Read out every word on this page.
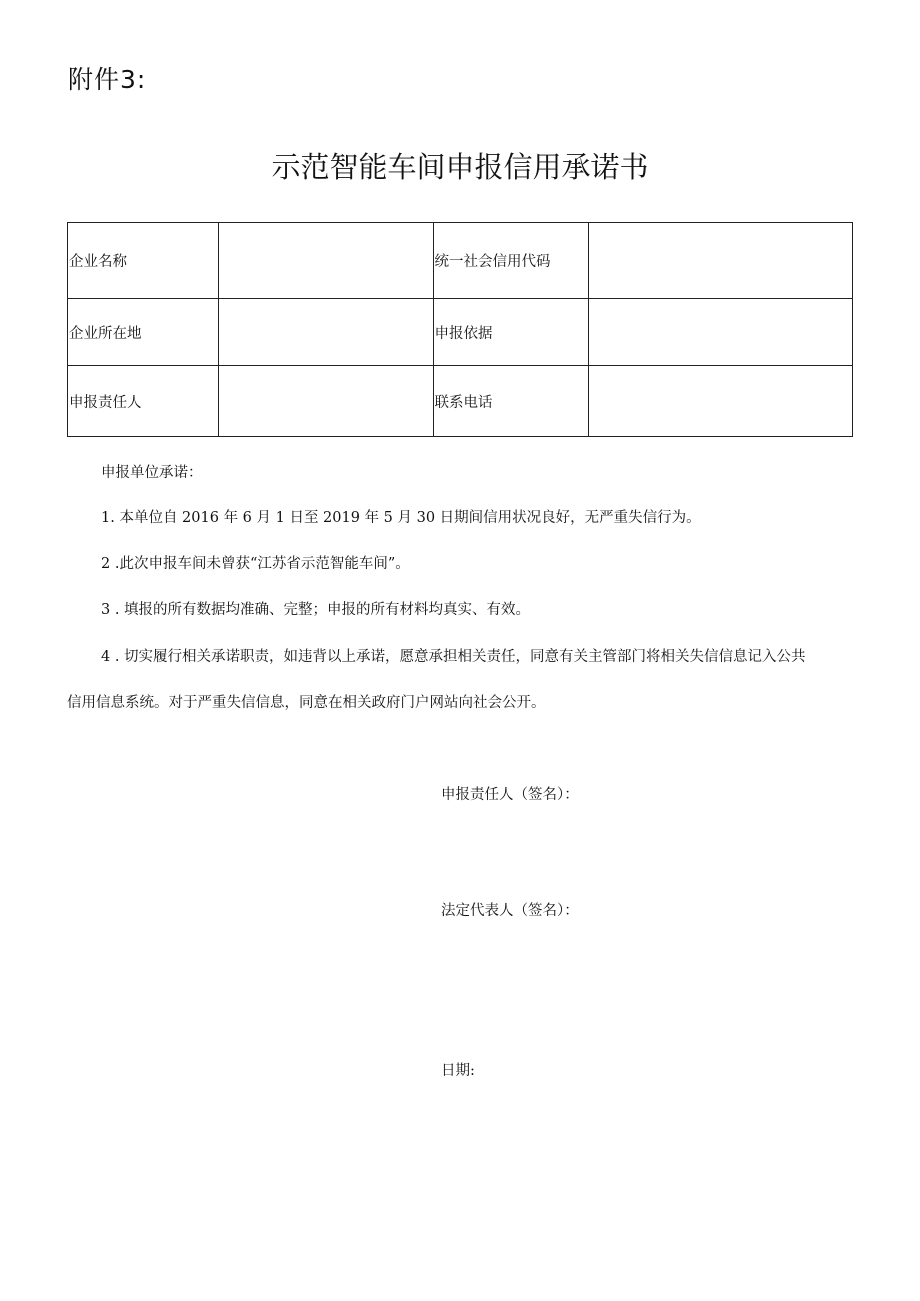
附件3:
示范智能车间申报信用承诺书
企业名称		统一社会信用代码	
企业所在地		申报依据	
申报责任人		联系电话	
申报单位承诺：
1. 本单位自 2016 年 6 月 1 日至 2019 年 5 月 30 日期间信用状况良好，无严重失信行为。
2 .此次申报车间未曾获“江苏省示范智能车间”。
3 . 填报的所有数据均准确、完整；申报的所有材料均真实、有效。
4 . 切实履行相关承诺职责，如违背以上承诺，愿意承担相关责任，同意有关主管部门将相关失信信息记入公共
信用信息系统。对于严重失信信息，同意在相关政府门户网站向社会公开。
申报责任人（签名）：
法定代表人（签名）：
日期:
